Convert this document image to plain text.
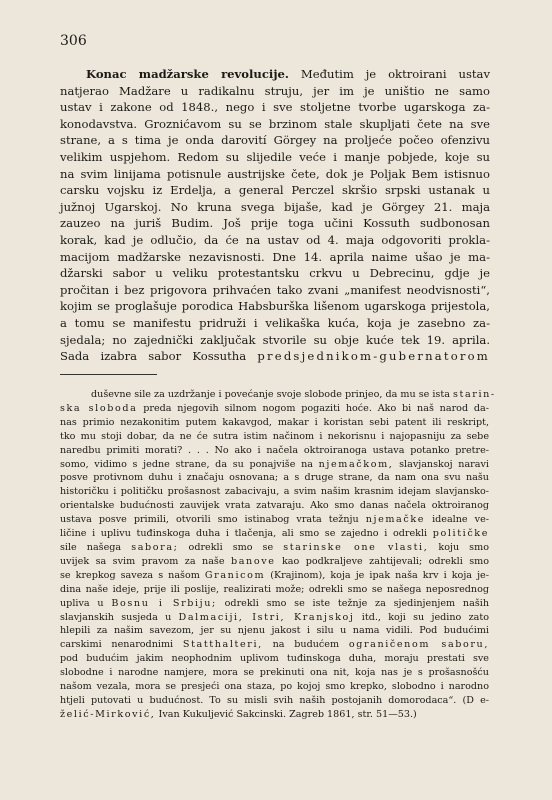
306
Konac madžarske revolucije. Međutim je oktroirani ustav
natjerao Madžare u radikalnu struju, jer im je uništio ne samo
ustav i zakone od 1848., nego i sve stoljetne tvorbe ugarskoga za-
konodavstva. Groznićavom su se brzinom stale skupljati čete na sve
strane, a s tima je onda darovití Görgey na proljeće počeo ofenzivu
velikim uspjehom. Redom su slijedile veće i manje pobjede, koje su
na svim linijama potisnule austrijske čete, dok je Poljak Bem istisnuo
carsku vojsku iz Erdelja, a general Perczel skršio srpski ustanak u
južnoj Ugarskoj. No kruna svega bijaše, kad je Görgey 21. maja
zauzeo na juriš Budim. Još prije toga učini Kossuth sudbonosan
korak, kad je odlučio, da će na ustav od 4. maja odgovoriti prokla-
macijom madžarske nezavisnosti. Dne 14. aprila naime ušao je ma-
džarski sabor u veliku protestantsku crkvu u Debrecinu, gdje je
pročitan i bez prigovora prihvaćen tako zvani „manifest neodvisnosti“,
kojim se proglašuje porodica Habsburška lišenom ugarskoga prijestola,
a tomu se manifestu pridruži i velikaška kuća, koja je zasebno za-
sjedala; no zajednički zaključak stvorile su obje kuće tek 19. aprila.
Sada izabra sabor Kossutha predsjednikom-gubernatorom
duševne sile za uzdržanje i povećanje svoje slobode prinjeo, da mu se ista starin-
ska sloboda preda njegovih silnom nogom pogaziti hoće. Ako bi naš narod da-
nas primio nezakonitim putem kakavgod, makar i koristan sebi patent ili reskript,
tko mu stoji dobar, da ne će sutra istim načinom i nekorisnu i najopasniju za sebe
naredbu primiti morati? . . . No ako i načela oktroiranoga ustava potanko pretre-
somo, vidimo s jedne strane, da su ponajviše na njemačkom, slavjanskoj naravi
posve protivnom duhu i značaju osnovana; a s druge strane, da nam ona svu našu
historičku i političku prošasnost zabacivaju, a svim našim krasnim idejam slavjansko-
orientalske budućnosti zauvijek vrata zatvaraju. Ako smo danas načela oktroiranog
ustava posve primili, otvorili smo istinabog vrata težnju njemačke idealne ve-
ličine i uplivu tuđinskoga duha i tlačenja, ali smo se zajedno i odrekli političke
sile našega sabora; odrekli smo se starinske one vlasti, koju smo
uvijek sa svim pravom za naše banove kao podkraljeve zahtijevali; odrekli smo
se krepkog saveza s našom Granicom (Krajinom), koja je ipak naša krv i koja je-
dina naše ideje, prije ili poslije, realizirati može; odrekli smo se našega neposrednog
upliva u Bosnu i Srbiju; odrekli smo se iste težnje za sjedinjenjem naših
slavjanskih susjeda u Dalmaciji, Istri, Kranjskoj itd., koji su jedino zato
hlepili za našim savezom, jer su njenu jakost i silu u nama vidili. Pod budućimi
carskimi nenarodnimi Statthalteri, na budućem ograničenom saboru,
pod budućim jakim neophodnim uplivom tuđinskoga duha, moraju prestati sve
slobodne i narodne namjere, mora se prekinuti ona nit, koja nas je s prošasnošću
našom vezala, mora se presjeći ona staza, po kojoj smo krepko, slobodno i narodno
htjeli putovati u budućnost. To su misli svih naših postojanih domorodaca“. (D e-
želić-Mirković, Ivan Kukuljević Sakcinski. Zagreb 1861, str. 51—53.)
